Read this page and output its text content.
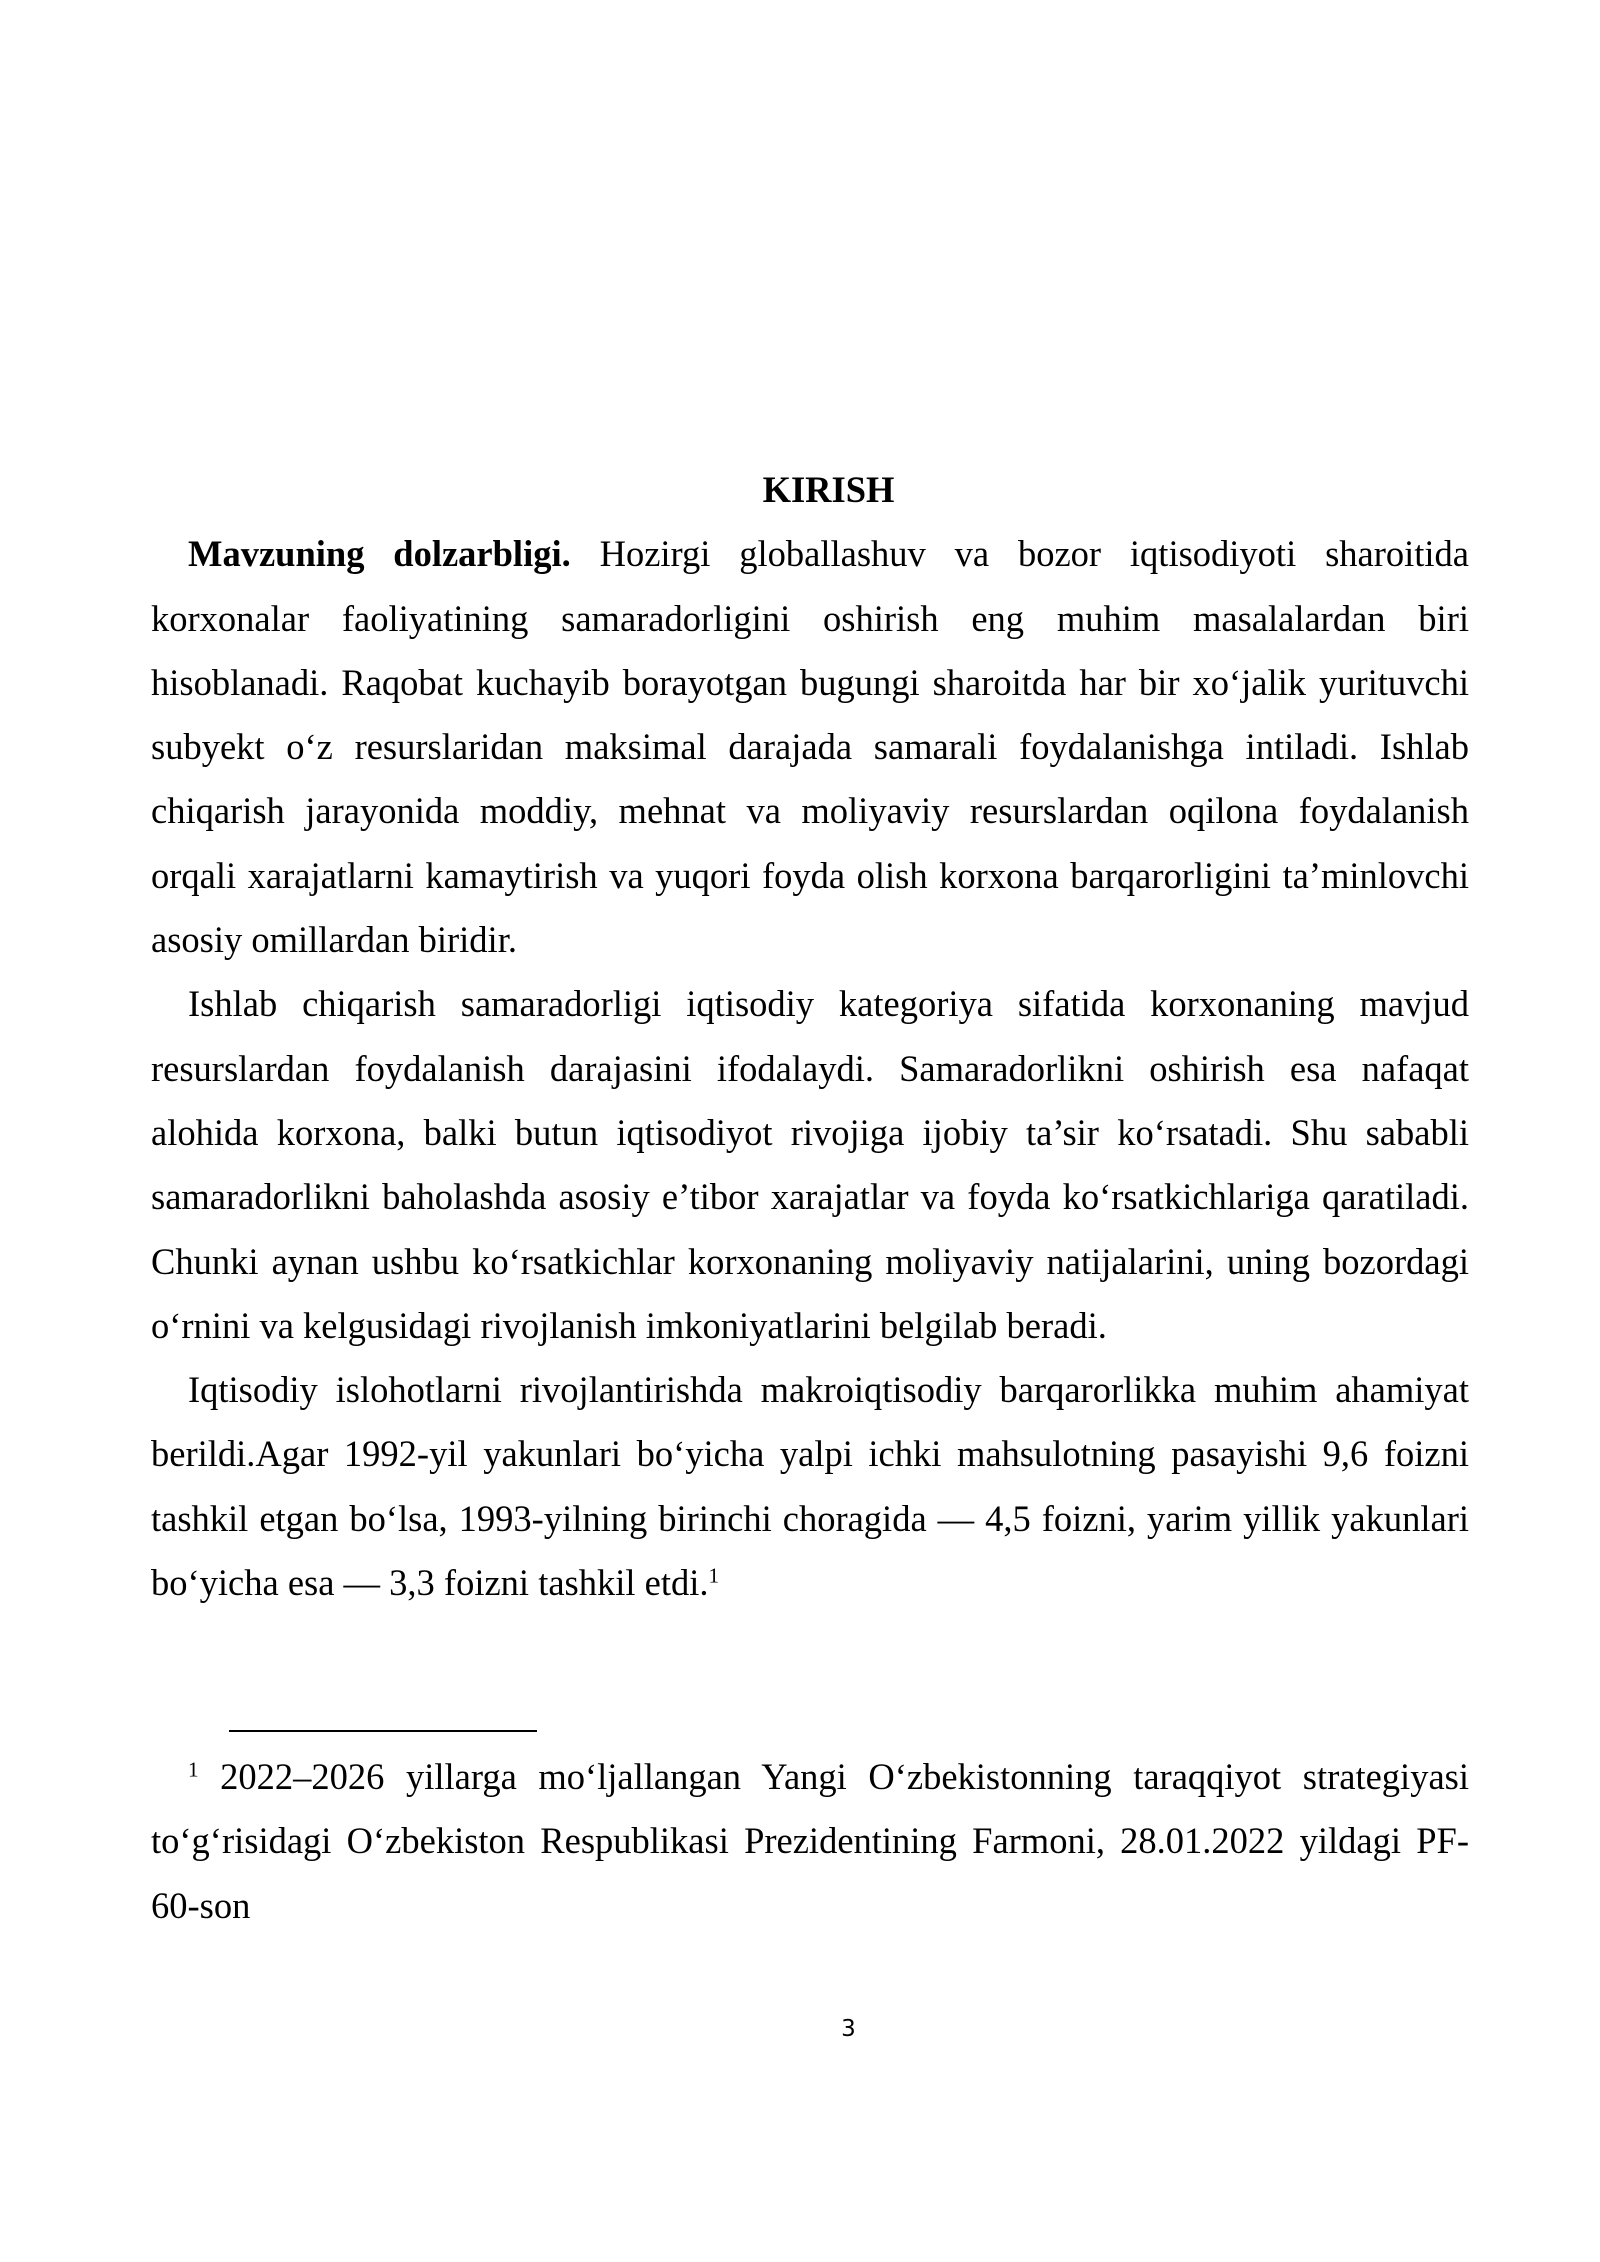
KIRISH

Mavzuning dolzarbligi. Hozirgi globallashuv va bozor iqtisodiyoti sharoitida
korxonalar faoliyatining samaradorligini oshirish eng muhim masalalardan biri
hisoblanadi. Raqobat kuchayib borayotgan bugungi sharoitda har bir xo‘jalik yurituvchi
subyekt o‘z resurslaridan maksimal darajada samarali foydalanishga intiladi. Ishlab
chiqarish jarayonida moddiy, mehnat va moliyaviy resurslardan oqilona foydalanish
orqali xarajatlarni kamaytirish va yuqori foyda olish korxona barqarorligini ta’minlovchi
asosiy omillardan biridir.

Ishlab chiqarish samaradorligi iqtisodiy kategoriya sifatida korxonaning mavjud
resurslardan foydalanish darajasini ifodalaydi. Samaradorlikni oshirish esa nafaqat
alohida korxona, balki butun iqtisodiyot rivojiga ijobiy ta’sir ko‘rsatadi. Shu sababli
samaradorlikni baholashda asosiy e’tibor xarajatlar va foyda ko‘rsatkichlariga qaratiladi.
Chunki aynan ushbu ko‘rsatkichlar korxonaning moliyaviy natijalarini, uning bozordagi
o‘rnini va kelgusidagi rivojlanish imkoniyatlarini belgilab beradi.

Iqtisodiy islohotlarni rivojlantirishda makroiqtisodiy barqarorlikka muhim ahamiyat
berildi.Agar 1992-yil yakunlari bo‘yicha yalpi ichki mahsulotning pasayishi 9,6 foizni
tashkil etgan bo‘lsa, 1993-yilning birinchi choragida — 4,5 foizni, yarim yillik yakunlari
bo‘yicha esa — 3,3 foizni tashkil etdi.$^1$

$^1$ 2022–2026 yillarga mo‘ljallangan Yangi O‘zbekistonning taraqqiyot strategiyasi
to‘g‘risidagi O‘zbekiston Respublikasi Prezidentining Farmoni, 28.01.2022 yildagi PF-
60-son
3
